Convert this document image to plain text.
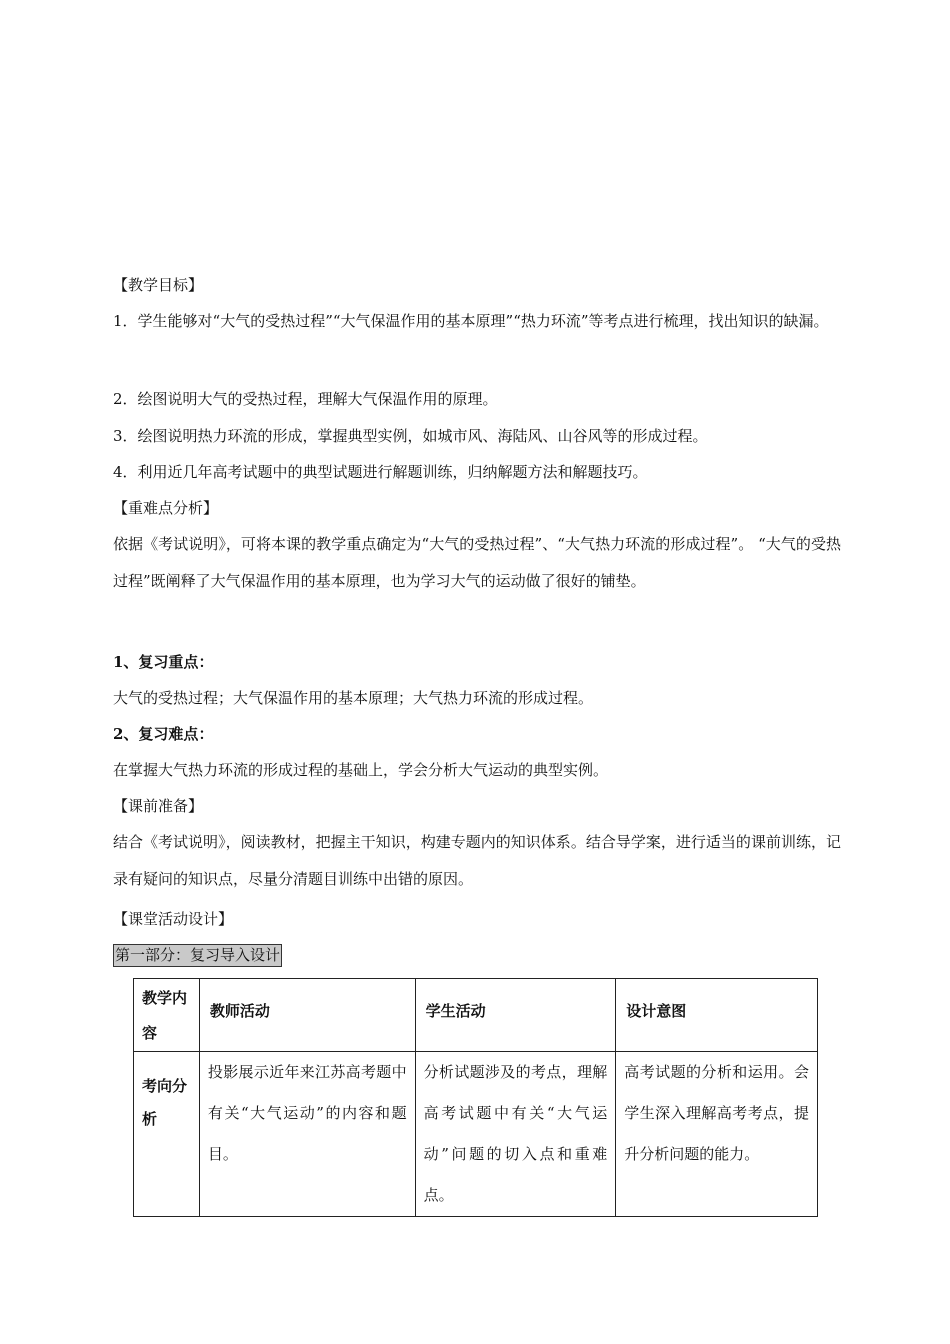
【教学目标】
1．学生能够对“大气的受热过程”“大气保温作用的基本原理”“热力环流”等考点进行梳理，找出知识的缺漏。
2．绘图说明大气的受热过程，理解大气保温作用的原理。
3．绘图说明热力环流的形成，掌握典型实例，如城市风、海陆风、山谷风等的形成过程。
4．利用近几年高考试题中的典型试题进行解题训练，归纳解题方法和解题技巧。
【重难点分析】
依据《考试说明》，可将本课的教学重点确定为“大气的受热过程”、“大气热力环流的形成过程”。 “大气的受热过程”既阐释了大气保温作用的基本原理，也为学习大气的运动做了很好的铺垫。
1、复习重点：
大气的受热过程；大气保温作用的基本原理；大气热力环流的形成过程。
2、复习难点：
在掌握大气热力环流的形成过程的基础上，学会分析大气运动的典型实例。
【课前准备】
结合《考试说明》，阅读教材，把握主干知识，构建专题内的知识体系。结合导学案，进行适当的课前训练，记录有疑问的知识点，尽量分清题目训练中出错的原因。
【课堂活动设计】
第一部分：复习导入设计
教学内容	教师活动	学生活动	设计意图

考向分析	投影展示近年来江苏高考题中有关“大气运动”的内容和题目。	分析试题涉及的考点，理解高考试题中有关“大气运动”问题的切入点和重难点。	高考试题的分析和运用。会学生深入理解高考考点，提升分析问题的能力。
